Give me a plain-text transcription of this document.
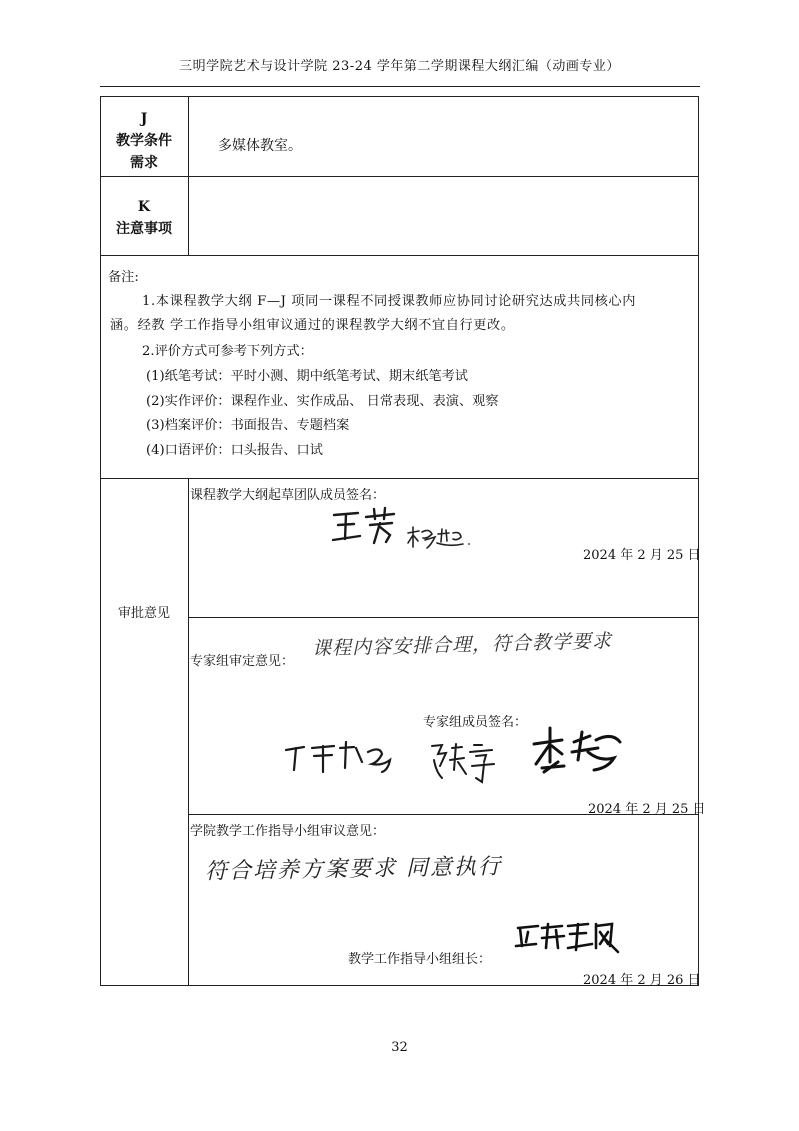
三明学院艺术与设计学院 23-24 学年第二学期课程大纲汇编（动画专业）
J
教学条件
需求
多媒体教室。
K
注意事项
备注:
1.本课程教学大纲 F—J 项同一课程不同授课教师应协同讨论研究达成共同核心内
涵。经教 学工作指导小组审议通过的课程教学大纲不宜自行更改。
2.评价方式可参考下列方式：
(1)纸笔考试：平时小测、期中纸笔考试、期末纸笔考试
(2)实作评价：课程作业、实作成品、 日常表现、表演、观察
(3)档案评价：书面报告、专题档案
(4)口语评价：口头报告、口试
审批意见
课程教学大纲起草团队成员签名：
2024 年 2 月 25 日
专家组审定意见：
课程内容安排合理，符合教学要求
专家组成员签名：
2024 年 2 月 25 日
学院教学工作指导小组审议意见：
符合培养方案要求 同意执行
教学工作指导小组组长：
2024 年 2 月 26 日
32
